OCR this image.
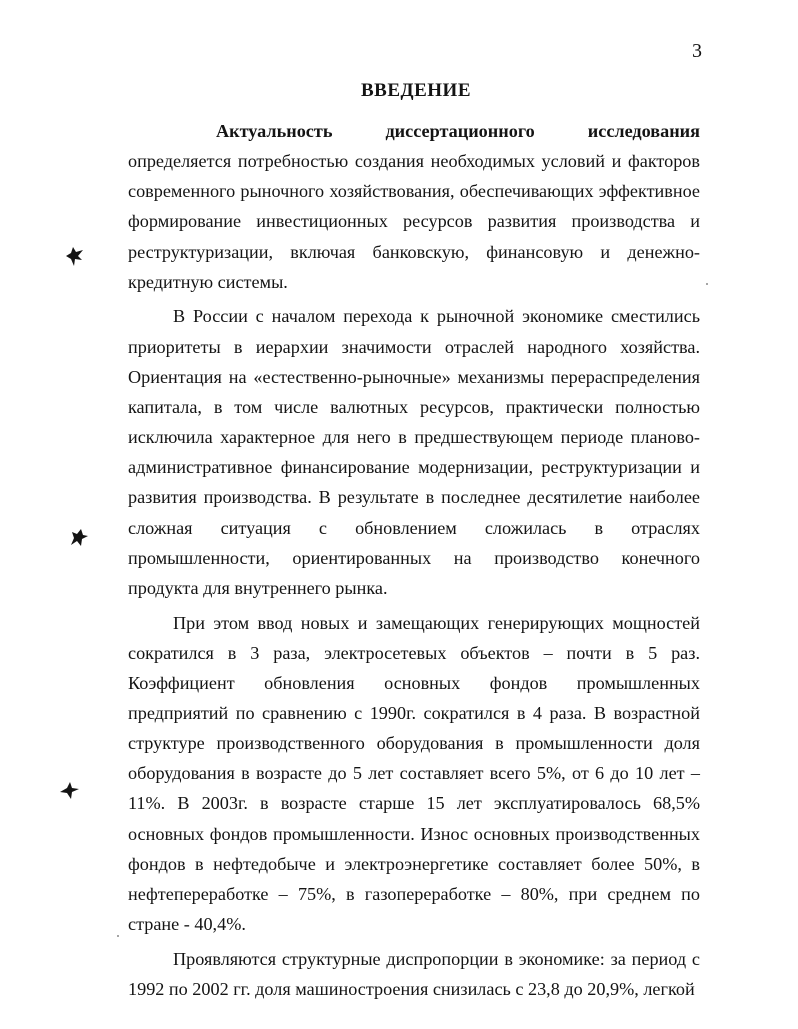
3
ВВЕДЕНИЕ

Актуальность диссертационного исследования определяется потребностью создания необходимых условий и факторов современного рыночного хозяйствования, обеспечивающих эффективное формирование инвестиционных ресурсов развития производства и реструктуризации, включая банковскую, финансовую и денежно-кредитную системы.

В России с началом перехода к рыночной экономике сместились приоритеты в иерархии значимости отраслей народного хозяйства. Ориентация на «естественно-рыночные» механизмы перераспределения капитала, в том числе валютных ресурсов, практически полностью исключила характерное для него в предшествующем периоде планово-административное финансирование модернизации, реструктуризации и развития производства. В результате в последнее десятилетие наиболее сложная ситуация с обновлением сложилась в отраслях промышленности, ориентированных на производство конечного продукта для внутреннего рынка.

При этом ввод новых и замещающих генерирующих мощностей сократился в 3 раза, электросетевых объектов – почти в 5 раз. Коэффициент обновления основных фондов промышленных предприятий по сравнению с 1990г. сократился в 4 раза. В возрастной структуре производственного оборудования в промышленности доля оборудования в возрасте до 5 лет составляет всего 5%, от 6 до 10 лет – 11%. В 2003г. в возрасте старше 15 лет эксплуатировалось 68,5% основных фондов промышленности. Износ основных производственных фондов в нефтедобыче и электроэнергетике составляет более 50%, в нефтепереработке – 75%, в газопереработке – 80%, при среднем по стране - 40,4%.

Проявляются структурные диспропорции в экономике: за период с 1992 по 2002 гг. доля машиностроения снизилась с 23,8 до 20,9%, легкой
